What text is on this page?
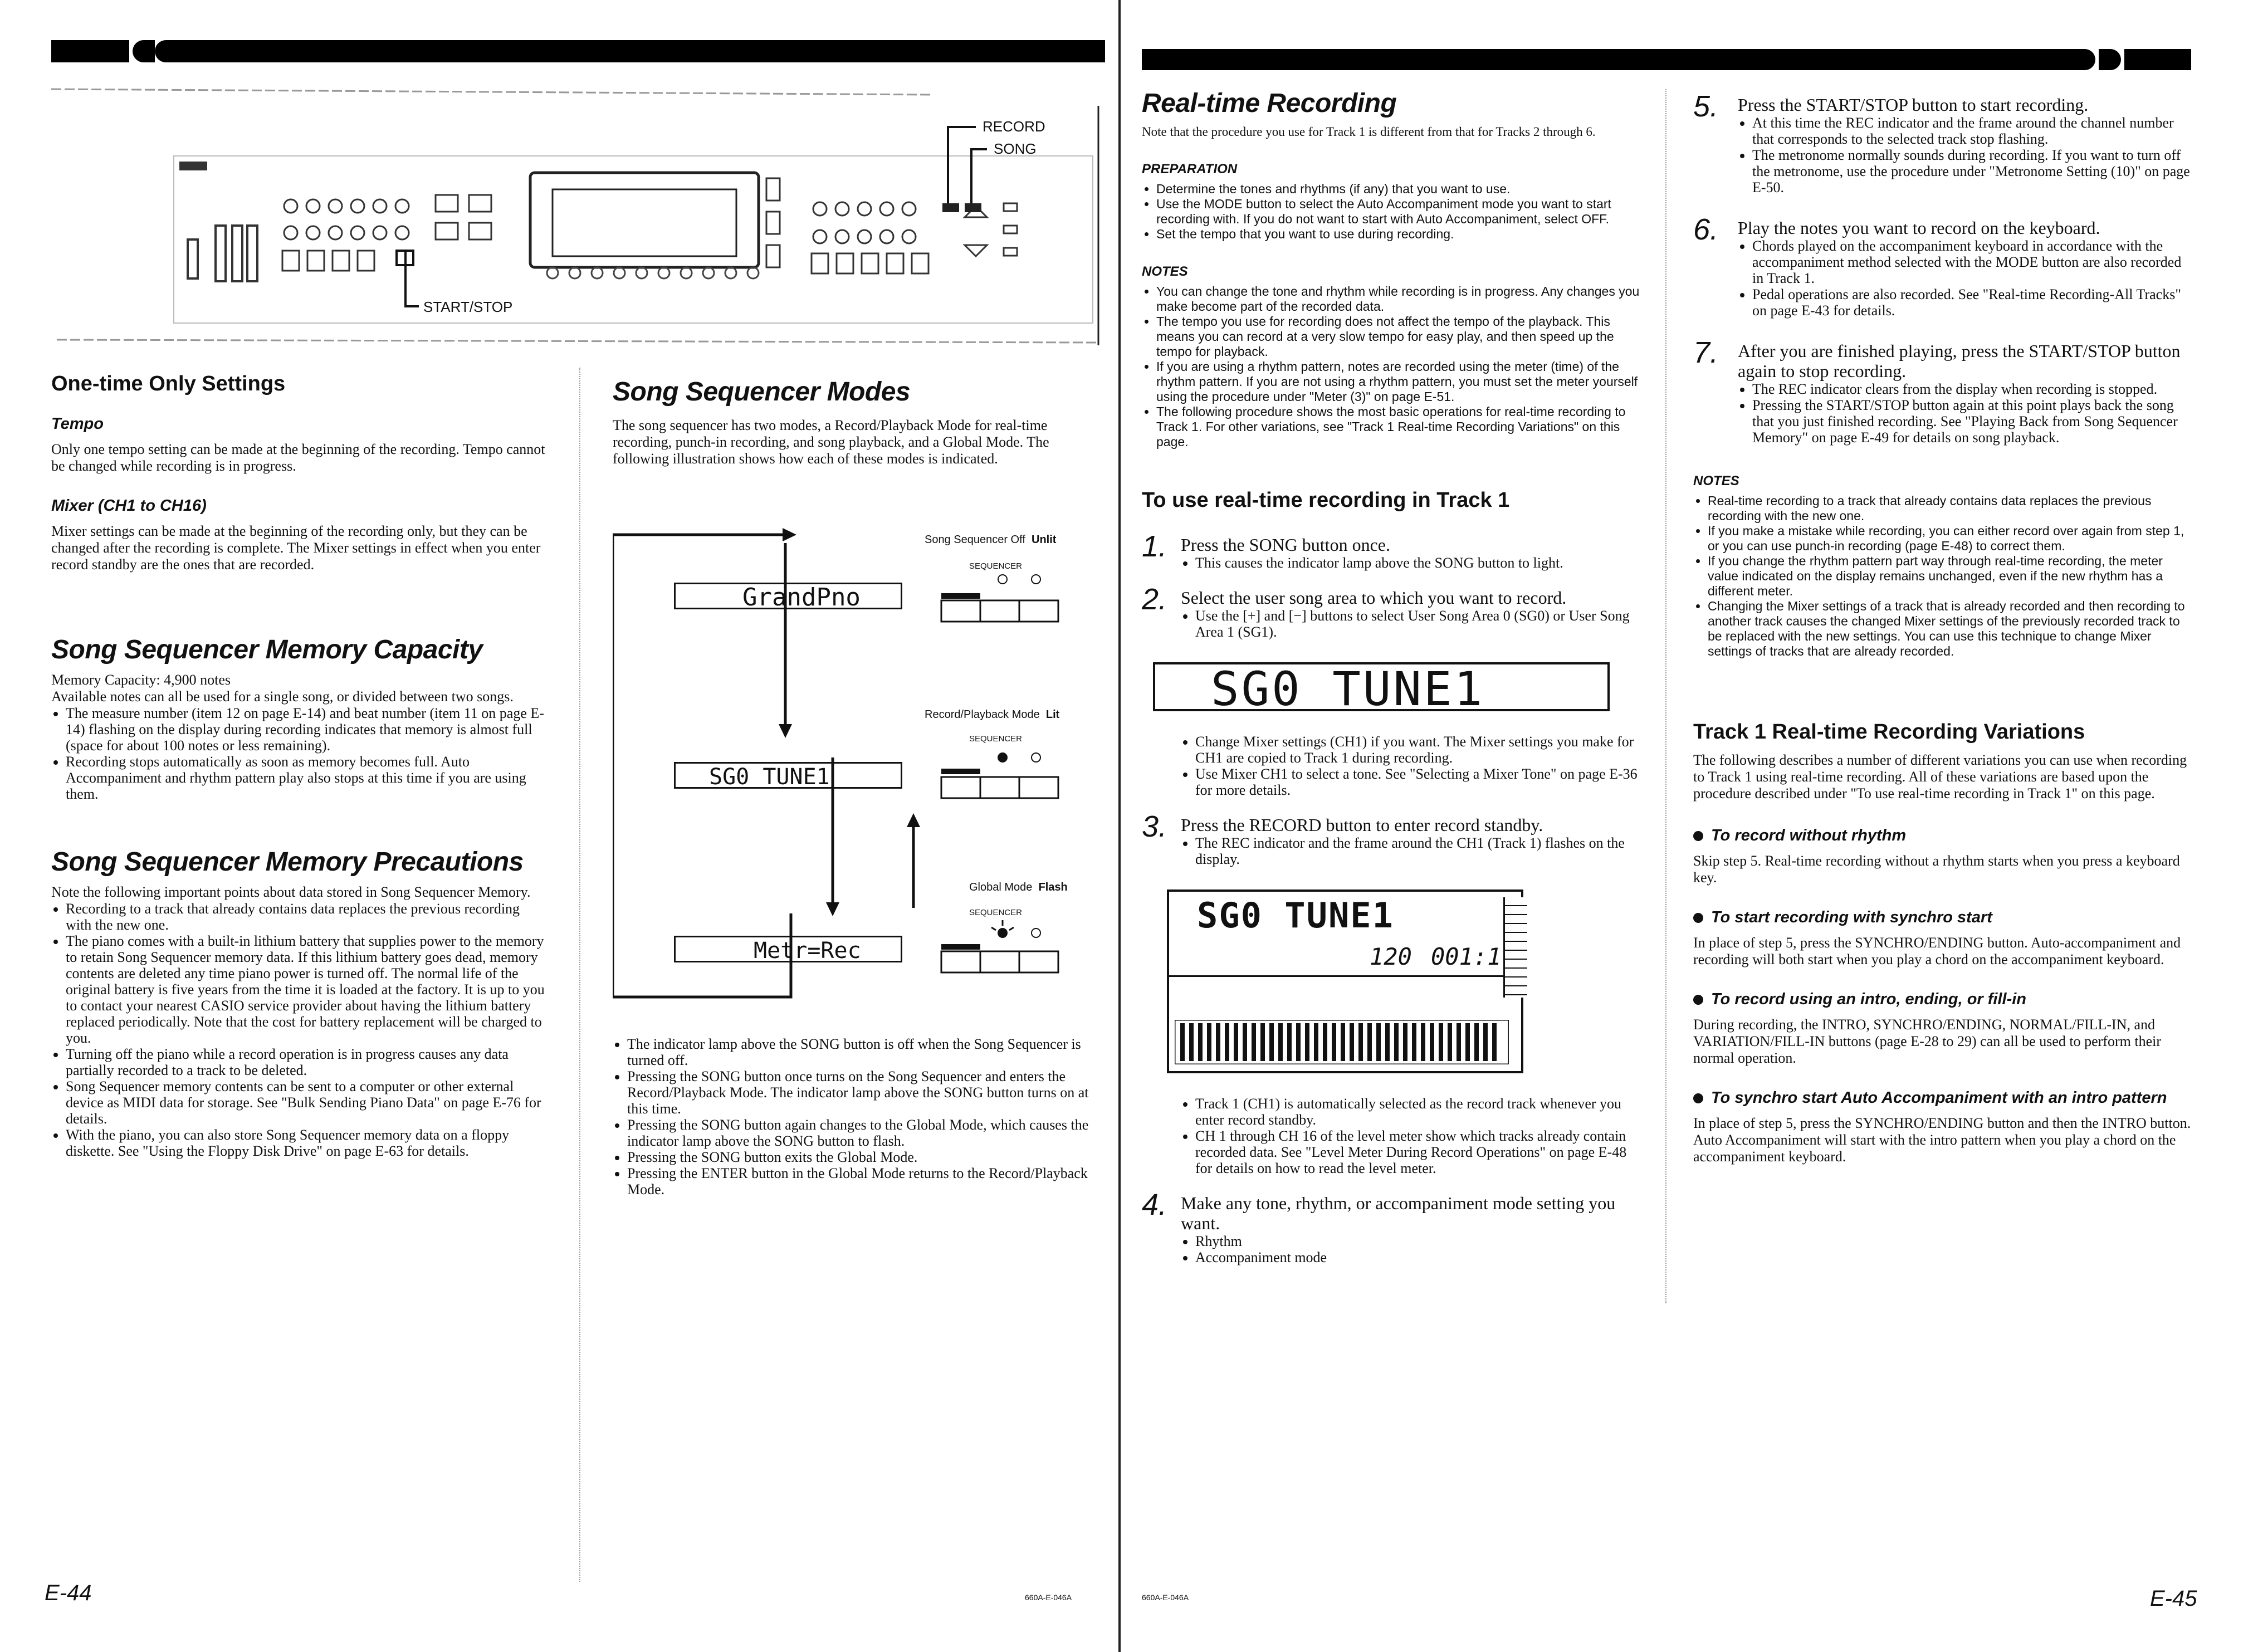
RECORD
SONG
START/STOP
One-time Only Settings
Tempo

Only one tempo setting can be made at the beginning of the recording. Tempo cannot be changed while recording is in progress.

Mixer (CH1 to CH16)

Mixer settings can be made at the beginning of the recording only, but they can be changed after the recording is complete. The Mixer settings in effect when you enter record standby are the ones that are recorded.

Song Sequencer Memory Capacity

Memory Capacity: 4,900 notes

Available notes can all be used for a single song, or divided between two songs.

• The measure number (item 12 on page E-14) and beat number (item 11 on page E-14) flashing on the display during recording indicates that memory is almost full (space for about 100 notes or less remaining).
• Recording stops automatically as soon as memory becomes full. Auto Accompaniment and rhythm pattern play also stops at this time if you are using them.
Song Sequencer Memory Precautions

Note the following important points about data stored in Song Sequencer Memory.

• Recording to a track that already contains data replaces the previous recording with the new one.
• The piano comes with a built-in lithium battery that supplies power to the memory to retain Song Sequencer memory data. If this lithium battery goes dead, memory contents are deleted any time piano power is turned off. The normal life of the original battery is five years from the time it is loaded at the factory. It is up to you to contact your nearest CASIO service provider about having the lithium battery replaced periodically. Note that the cost for battery replacement will be charged to you.
• Turning off the piano while a record operation is in progress causes any data partially recorded to a track to be deleted.
• Song Sequencer memory contents can be sent to a computer or other external device as MIDI data for storage. See "Bulk Sending Piano Data" on page E-76 for details.
• With the piano, you can also store Song Sequencer memory data on a floppy diskette. See "Using the Floppy Disk Drive" on page E-63 for details.
Song Sequencer Modes

The song sequencer has two modes, a Record/Playback Mode for real-time recording, punch-in recording, and song playback, and a Global Mode. The following illustration shows how each of these modes is indicated.

Song Sequencer Off Unlit
SEQUENCER
GrandPno
Record/Playback Mode Lit
SEQUENCER
SG0 TUNE1
Global Mode Flash
SEQUENCER
Metr=Rec
• The indicator lamp above the SONG button is off when the Song Sequencer is turned off.
• Pressing the SONG button once turns on the Song Sequencer and enters the Record/Playback Mode. The indicator lamp above the SONG button turns on at this time.
• Pressing the SONG button again changes to the Global Mode, which causes the indicator lamp above the SONG button to flash.
• Pressing the SONG button exits the Global Mode.
• Pressing the ENTER button in the Global Mode returns to the Record/Playback Mode.
E-44	660A-E-046A
Real-time Recording

Note that the procedure you use for Track 1 is different from that for Tracks 2 through 6.

PREPARATION
• Determine the tones and rhythms (if any) that you want to use.
• Use the MODE button to select the Auto Accompaniment mode you want to start recording with. If you do not want to start with Auto Accompaniment, select OFF.
• Set the tempo that you want to use during recording.
NOTES
• You can change the tone and rhythm while recording is in progress. Any changes you make become part of the recorded data.
• The tempo you use for recording does not affect the tempo of the playback. This means you can record at a very slow tempo for easy play, and then speed up the tempo for playback.
• If you are using a rhythm pattern, notes are recorded using the meter (time) of the rhythm pattern. If you are not using a rhythm pattern, you must set the meter yourself using the procedure under "Meter (3)" on page E-51.
• The following procedure shows the most basic operations for real-time recording to Track 1. For other variations, see "Track 1 Real-time Recording Variations" on this page.
To use real-time recording in Track 1
1. Press the SONG button once.
• This causes the indicator lamp above the SONG button to light.
2. Select the user song area to which you want to record.
• Use the [+] and [−] buttons to select User Song Area 0 (SG0) or User Song Area 1 (SG1).
SG0 TUNE1
• Change Mixer settings (CH1) if you want. The Mixer settings you make for CH1 are copied to Track 1 during recording.
• Use Mixer CH1 to select a tone. See "Selecting a Mixer Tone" on page E-36 for more details.
3. Press the RECORD button to enter record standby.
• The REC indicator and the frame around the CH1 (Track 1) flashes on the display.
SG0 TUNE1
120 001:1
• Track 1 (CH1) is automatically selected as the record track whenever you enter record standby.
• CH 1 through CH 16 of the level meter show which tracks already contain recorded data. See "Level Meter During Record Operations" on page E-48 for details on how to read the level meter.
4. Make any tone, rhythm, or accompaniment mode setting you want.
• Rhythm
• Accompaniment mode
5. Press the START/STOP button to start recording.
• At this time the REC indicator and the frame around the channel number that corresponds to the selected track stop flashing.
• The metronome normally sounds during recording. If you want to turn off the metronome, use the procedure under "Metronome Setting (10)" on page E-50.
6. Play the notes you want to record on the keyboard.
• Chords played on the accompaniment keyboard in accordance with the accompaniment method selected with the MODE button are also recorded in Track 1.
• Pedal operations are also recorded. See "Real-time Recording-All Tracks" on page E-43 for details.
7. After you are finished playing, press the START/STOP button again to stop recording.
• The REC indicator clears from the display when recording is stopped.
• Pressing the START/STOP button again at this point plays back the song that you just finished recording. See "Playing Back from Song Sequencer Memory" on page E-49 for details on song playback.
NOTES
• Real-time recording to a track that already contains data replaces the previous recording with the new one.
• If you make a mistake while recording, you can either record over again from step 1, or you can use punch-in recording (page E-48) to correct them.
• If you change the rhythm pattern part way through real-time recording, the meter value indicated on the display remains unchanged, even if the new rhythm has a different meter.
• Changing the Mixer settings of a track that is already recorded and then recording to another track causes the changed Mixer settings of the previously recorded track to be replaced with the new settings. You can use this technique to change Mixer settings of tracks that are already recorded.
Track 1 Real-time Recording Variations

The following describes a number of different variations you can use when recording to Track 1 using real-time recording. All of these variations are based upon the procedure described under "To use real-time recording in Track 1" on this page.

To record without rhythm

Skip step 5. Real-time recording without a rhythm starts when you press a keyboard key.

To start recording with synchro start

In place of step 5, press the SYNCHRO/ENDING button. Auto-accompaniment and recording will both start when you play a chord on the accompaniment keyboard.

To record using an intro, ending, or fill-in

During recording, the INTRO, SYNCHRO/ENDING, NORMAL/FILL-IN, and VARIATION/FILL-IN buttons (page E-28 to 29) can all be used to perform their normal operation.

To synchro start Auto Accompaniment with an intro pattern

In place of step 5, press the SYNCHRO/ENDING button and then the INTRO button. Auto Accompaniment will start with the intro pattern when you play a chord on the accompaniment keyboard.

660A-E-046A	E-45
